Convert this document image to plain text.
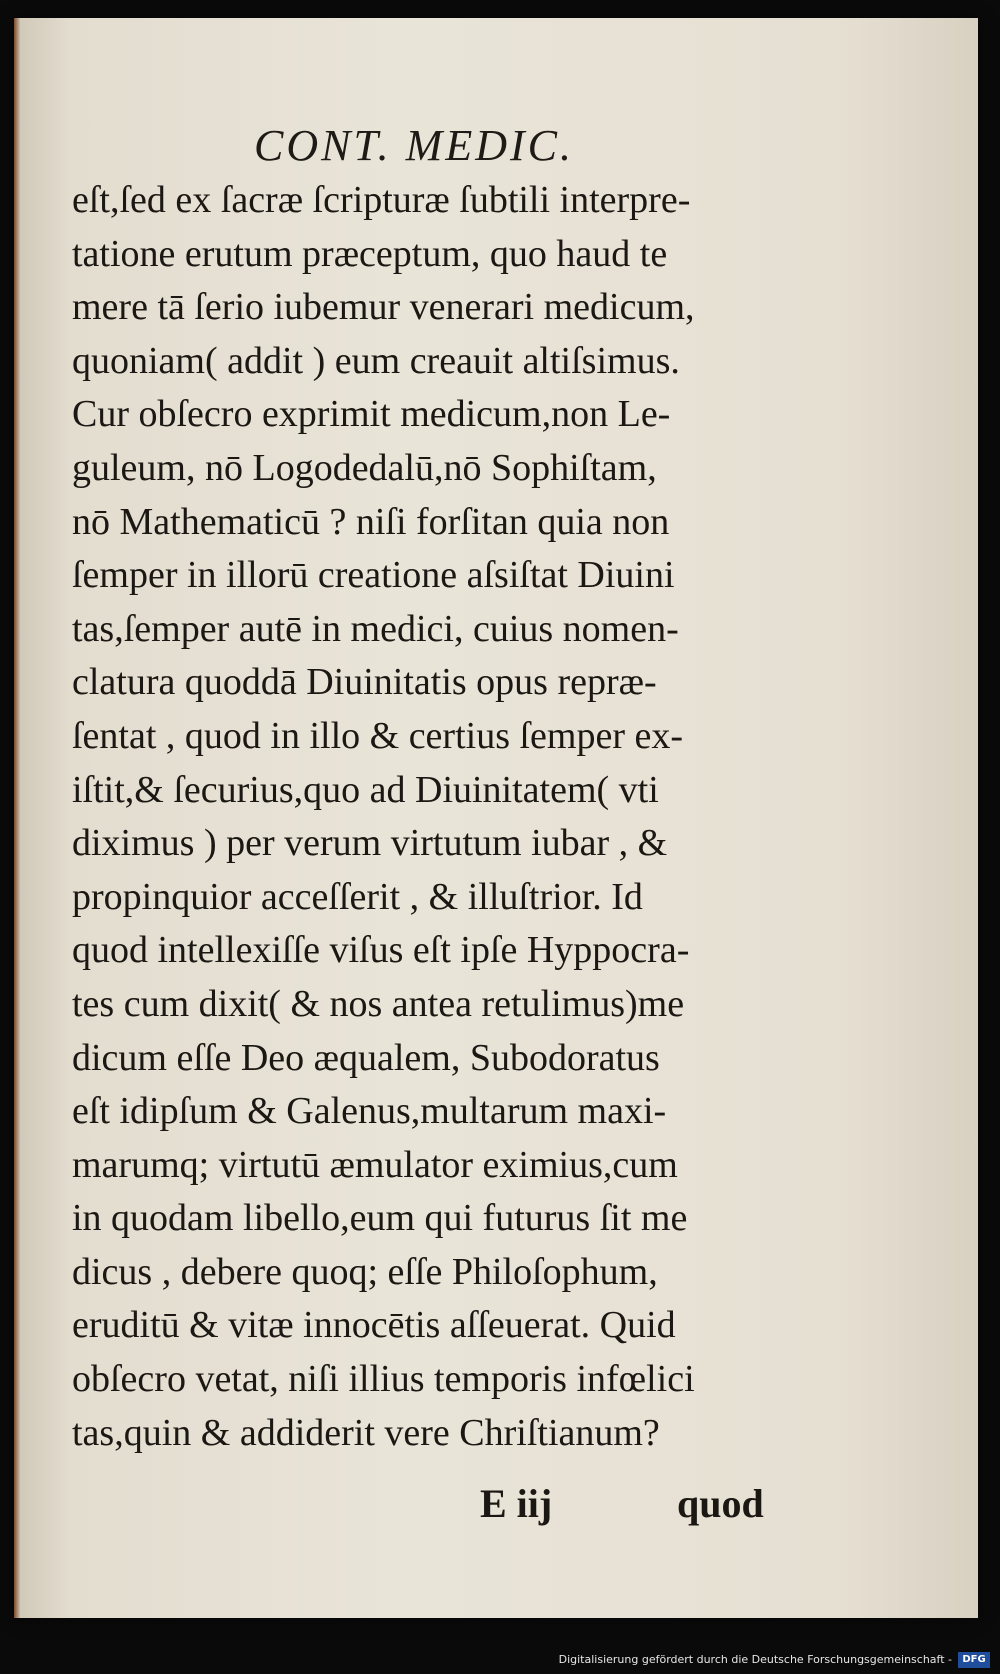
CONT. MEDIC.
eſt,ſed ex ſacræ ſcripturæ ſubtili interpre-
tatione erutum præceptum, quo haud te
mere tā ſerio iubemur venerari medicum,
quoniam( addit ) eum creauit altiſsimus.
Cur obſecro exprimit medicum,non Le-
guleum, nō Logodedalū,nō Sophiſtam,
nō Mathematicū ? niſi forſitan quia non
ſemper in illorū creatione aſsiſtat Diuini
tas,ſemper autē in medici, cuius nomen-
clatura quoddā Diuinitatis opus repræ-
ſentat , quod in illo & certius ſemper ex-
iſtit,& ſecurius,quo ad Diuinitatem( vti
diximus ) per verum virtutum iubar , &
propinquior acceſſerit , & illuſtrior. Id
quod intellexiſſe viſus eſt ipſe Hyppocra-
tes cum dixit( & nos antea retulimus)me
dicum eſſe Deo æqualem, Subodoratus
eſt idipſum & Galenus,multarum maxi-
marumq; virtutū æmulator eximius,cum
in quodam libello,eum qui futurus ſit me
dicus , debere quoq; eſſe Philoſophum,
eruditū & vitæ innocētis aſſeuerat. Quid
obſecro vetat, niſi illius temporis infœlici
tas,quin & addiderit vere Chriſtianum?
E iij	quod
Digitalisierung gefördert durch die Deutsche Forschungsgemeinschaft -	DFG
